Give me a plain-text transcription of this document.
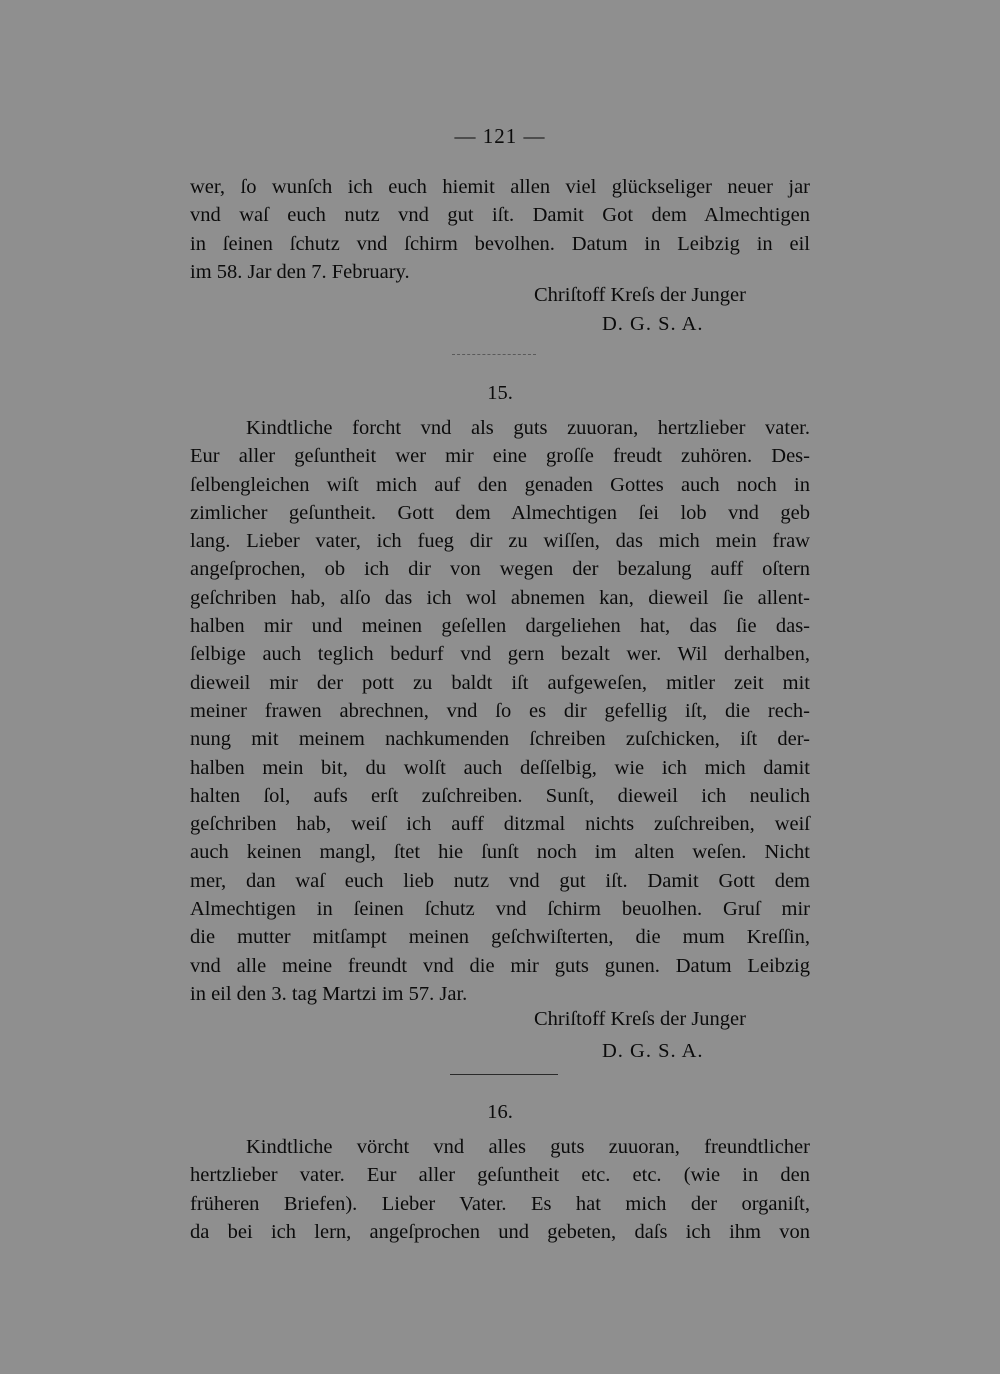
— 121 —
wer, ſo wunſch ich euch hiemit allen viel glückseliger neuer jar
vnd waſ euch nutz vnd gut iſt. Damit Got dem Almechtigen
in ſeinen ſchutz vnd ſchirm bevolhen. Datum in Leibzig in eil
im 58. Jar den 7. February.
Chriſtoff Kreſs der Junger
D. G. S. A.
15.
Kindtliche forcht vnd als guts zuuoran, hertzlieber vater.
Eur aller geſuntheit wer mir eine groſſe freudt zuhören. Des-
ſelbengleichen wiſt mich auf den genaden Gottes auch noch in
zimlicher geſuntheit. Gott dem Almechtigen ſei lob vnd geb
lang. Lieber vater, ich fueg dir zu wiſſen, das mich mein fraw
angeſprochen, ob ich dir von wegen der bezalung auff oſtern
geſchriben hab, alſo das ich wol abnemen kan, dieweil ſie allent-
halben mir und meinen geſellen dargeliehen hat, das ſie das-
ſelbige auch teglich bedurf vnd gern bezalt wer. Wil derhalben,
dieweil mir der pott zu baldt iſt aufgeweſen, mitler zeit mit
meiner frawen abrechnen, vnd ſo es dir gefellig iſt, die rech-
nung mit meinem nachkumenden ſchreiben zuſchicken, iſt der-
halben mein bit, du wolſt auch deſſelbig, wie ich mich damit
halten ſol, aufs erſt zuſchreiben. Sunſt, dieweil ich neulich
geſchriben hab, weiſ ich auff ditzmal nichts zuſchreiben, weiſ
auch keinen mangl, ſtet hie ſunſt noch im alten weſen. Nicht
mer, dan waſ euch lieb nutz vnd gut iſt. Damit Gott dem
Almechtigen in ſeinen ſchutz vnd ſchirm beuolhen. Gruſ mir
die mutter mitſampt meinen geſchwiſterten, die mum Kreſſin,
vnd alle meine freundt vnd die mir guts gunen. Datum Leibzig
in eil den 3. tag Martzi im 57. Jar.
Chriſtoff Kreſs der Junger
D. G. S. A.
16.
Kindtliche vörcht vnd alles guts zuuoran, freundtlicher
hertzlieber vater. Eur aller geſuntheit etc. etc. (wie in den
früheren Briefen). Lieber Vater. Es hat mich der organiſt,
da bei ich lern, angeſprochen und gebeten, daſs ich ihm von
